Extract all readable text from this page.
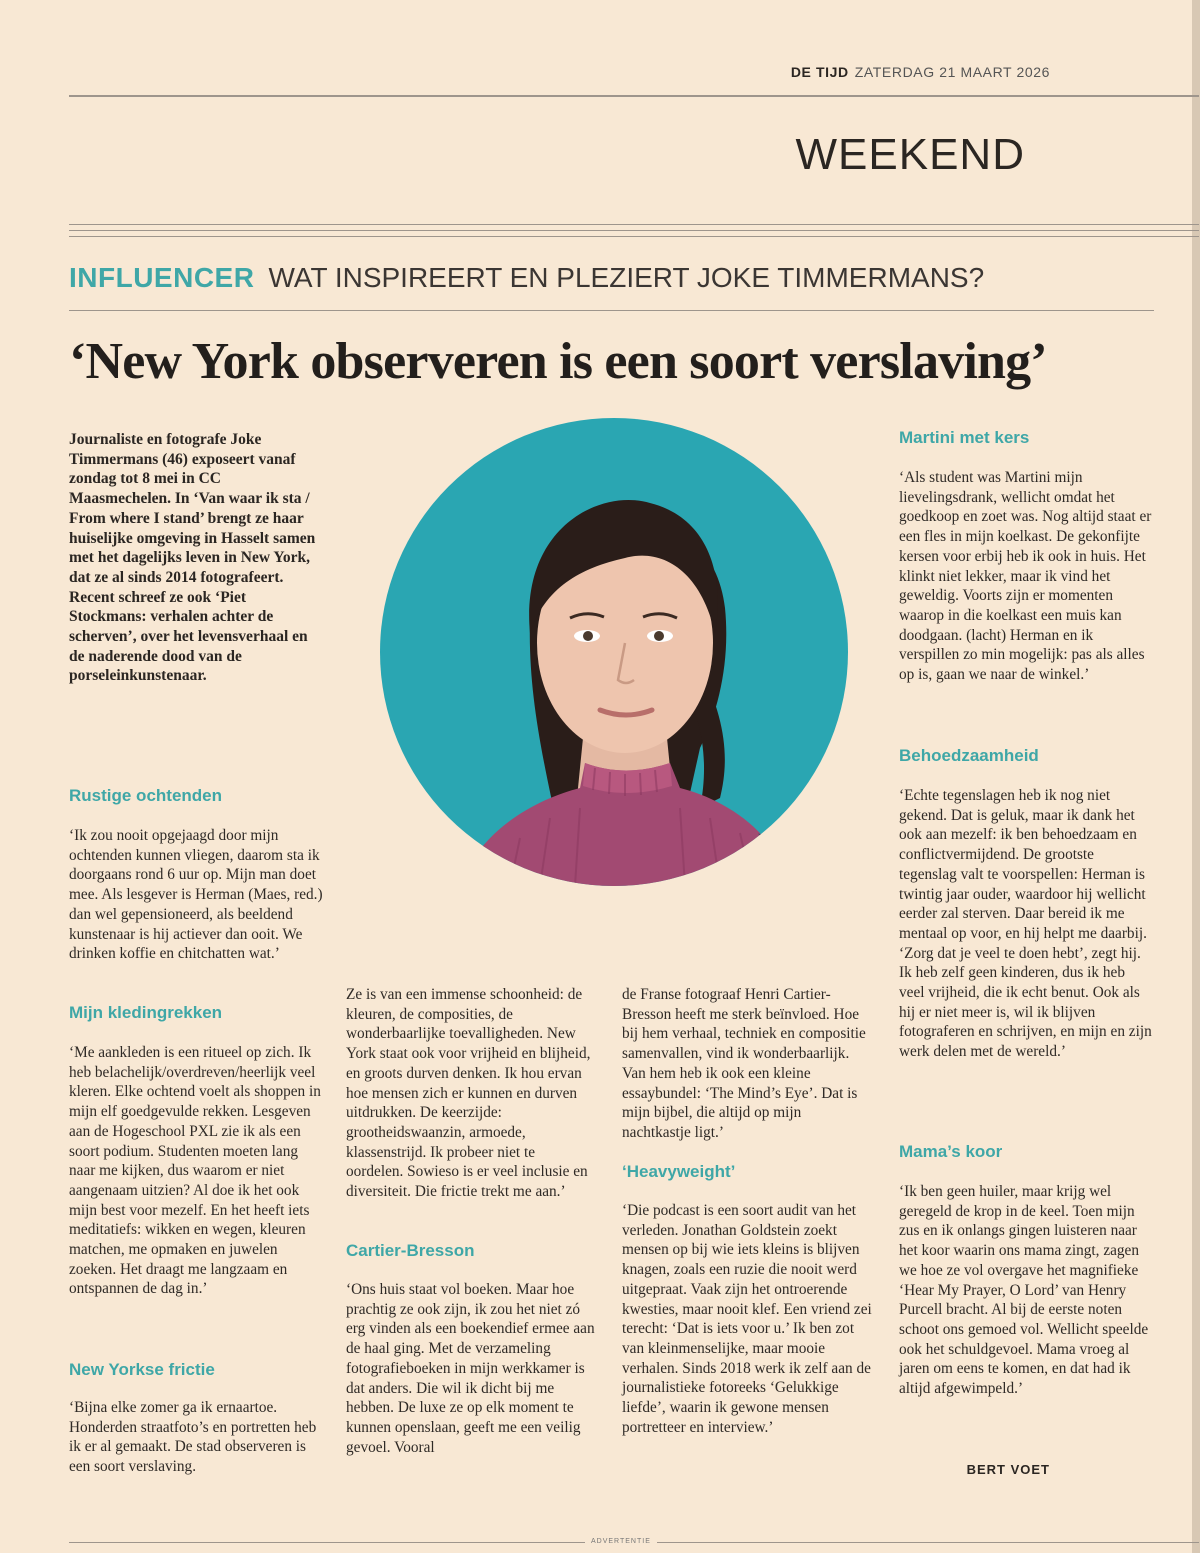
DE TIJD ZATERDAG 21 MAART 2026
WEEKEND
INFLUENCER WAT INSPIREERT EN PLEZIERT JOKE TIMMERMANS?
‘New York observeren is een soort verslaving’
Journaliste en fotografe Joke Timmermans (46) exposeert vanaf zondag tot 8 mei in CC Maasmechelen. In ‘Van waar ik sta / From where I stand’ brengt ze haar huiselijke omgeving in Hasselt samen met het dagelijks leven in New York, dat ze al sinds 2014 fotografeert. Recent schreef ze ook ‘Piet Stockmans: verhalen achter de scherven’, over het levensverhaal en de naderende dood van de porseleinkunstenaar.
IPV
Rustige ochtenden
‘Ik zou nooit opgejaagd door mijn ochtenden kunnen vliegen, daarom sta ik doorgaans rond 6 uur op. Mijn man doet mee. Als lesgever is Herman (Maes, red.) dan wel gepensioneerd, als beeldend kunstenaar is hij actiever dan ooit. We drinken koffie en chitchatten wat.’
Mijn kledingrekken
‘Me aankleden is een ritueel op zich. Ik heb belachelijk/overdreven/heerlijk veel kleren. Elke ochtend voelt als shoppen in mijn elf goedgevulde rekken. Lesgeven aan de Hogeschool PXL zie ik als een soort podium. Studenten moeten lang naar me kijken, dus waarom er niet aangenaam uitzien? Al doe ik het ook mijn best voor mezelf. En het heeft iets meditatiefs: wikken en wegen, kleuren matchen, me opmaken en juwelen zoeken. Het draagt me langzaam en ontspannen de dag in.’
New Yorkse frictie
‘Bijna elke zomer ga ik ernaartoe. Honderden straatfoto’s en portretten heb ik er al gemaakt. De stad observeren is een soort verslaving.
Ze is van een immense schoonheid: de kleuren, de composities, de wonderbaarlijke toevalligheden. New York staat ook voor vrijheid en blijheid, en groots durven denken. Ik hou ervan hoe mensen zich er kunnen en durven uitdrukken. De keerzijde: grootheidswaanzin, armoede, klassenstrijd. Ik probeer niet te oordelen. Sowieso is er veel inclusie en diversiteit. Die frictie trekt me aan.’
Cartier-Bresson
‘Ons huis staat vol boeken. Maar hoe prachtig ze ook zijn, ik zou het niet zó erg vinden als een boekendief ermee aan de haal ging. Met de verzameling fotografieboeken in mijn werkkamer is dat anders. Die wil ik dicht bij me hebben. De luxe ze op elk moment te kunnen openslaan, geeft me een veilig gevoel. Vooral
de Franse fotograaf Henri Cartier-Bresson heeft me sterk beïnvloed. Hoe bij hem verhaal, techniek en compositie samenvallen, vind ik wonderbaarlijk. Van hem heb ik ook een kleine essaybundel: ‘The Mind’s Eye’. Dat is mijn bijbel, die altijd op mijn nachtkastje ligt.’
‘Heavyweight’
‘Die podcast is een soort audit van het verleden. Jonathan Goldstein zoekt mensen op bij wie iets kleins is blijven knagen, zoals een ruzie die nooit werd uitgepraat. Vaak zijn het ontroerende kwesties, maar nooit klef. Een vriend zei terecht: ‘Dat is iets voor u.’ Ik ben zot van kleinmenselijke, maar mooie verhalen. Sinds 2018 werk ik zelf aan de journalistieke fotoreeks ‘Gelukkige liefde’, waarin ik gewone mensen portretteer en interview.’
Martini met kers
‘Als student was Martini mijn lievelingsdrank, wellicht omdat het goedkoop en zoet was. Nog altijd staat er een fles in mijn koelkast. De gekonfijte kersen voor erbij heb ik ook in huis. Het klinkt niet lekker, maar ik vind het geweldig. Voorts zijn er momenten waarop in die koelkast een muis kan doodgaan. (lacht) Herman en ik verspillen zo min mogelijk: pas als alles op is, gaan we naar de winkel.’
Behoedzaamheid
‘Echte tegenslagen heb ik nog niet gekend. Dat is geluk, maar ik dank het ook aan mezelf: ik ben behoedzaam en conflictvermijdend. De grootste tegenslag valt te voorspellen: Herman is twintig jaar ouder, waardoor hij wellicht eerder zal sterven. Daar bereid ik me mentaal op voor, en hij helpt me daarbij. ‘Zorg dat je veel te doen hebt’, zegt hij. Ik heb zelf geen kinderen, dus ik heb veel vrijheid, die ik echt benut. Ook als hij er niet meer is, wil ik blijven fotograferen en schrijven, en mijn en zijn werk delen met de wereld.’
Mama’s koor
‘Ik ben geen huiler, maar krijg wel geregeld de krop in de keel. Toen mijn zus en ik onlangs gingen luisteren naar het koor waarin ons mama zingt, zagen we hoe ze vol overgave het magnifieke ‘Hear My Prayer, O Lord’ van Henry Purcell bracht. Al bij de eerste noten schoot ons gemoed vol. Wellicht speelde ook het schuldgevoel. Mama vroeg al jaren om eens te komen, en dat had ik altijd afgewimpeld.’
BERT VOET
ADVERTENTIE
